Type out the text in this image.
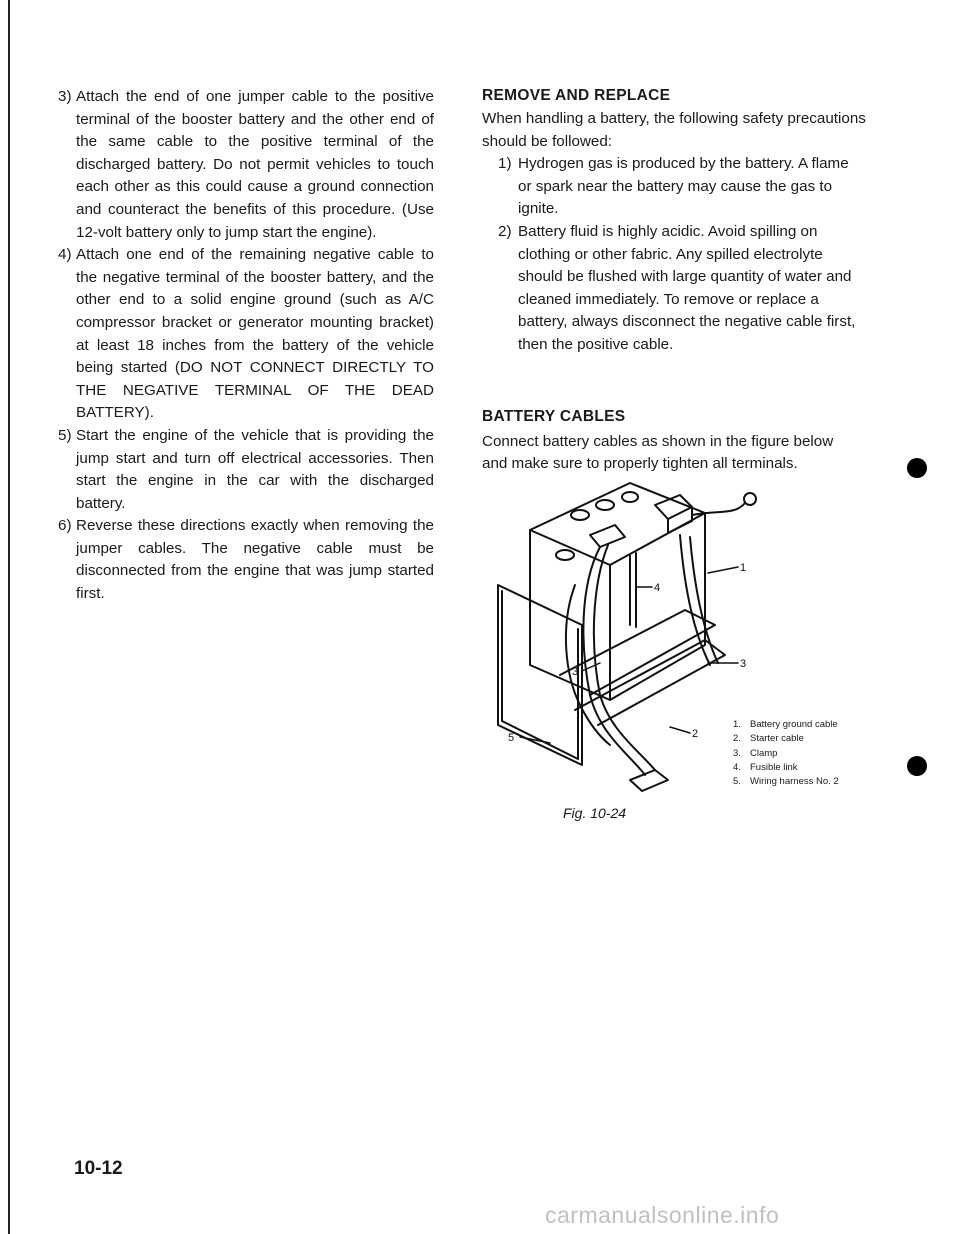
3) Attach the end of one jumper cable to the positive terminal of the booster battery and the other end of the same cable to the positive terminal of the discharged battery. Do not permit vehicles to touch each other as this could cause a ground connection and counteract the benefits of this procedure. (Use 12-volt battery only to jump start the engine).
4) Attach one end of the remaining negative cable to the negative terminal of the booster battery, and the other end to a solid engine ground (such as A/C compressor bracket or generator mounting bracket) at least 18 inches from the battery of the vehicle being started (DO NOT CONNECT DIRECTLY TO THE NEGATIVE TERMINAL OF THE DEAD BATTERY).
5) Start the engine of the vehicle that is providing the jump start and turn off electrical accessories. Then start the engine in the car with the discharged battery.
6) Reverse these directions exactly when removing the jumper cables. The negative cable must be disconnected from the engine that was jump started first.
REMOVE AND REPLACE

When handling a battery, the following safety precautions should be followed:

1) Hydrogen gas is produced by the battery. A flame or spark near the battery may cause the gas to ignite.
2) Battery fluid is highly acidic. Avoid spilling on clothing or other fabric. Any spilled electrolyte should be flushed with large quantity of water and cleaned immediately. To remove or replace a battery, always disconnect the negative cable first, then the positive cable.
BATTERY CABLES

Connect battery cables as shown in the figure below and make sure to properly tighten all terminals.

1
4
3
3
2
5
1. Battery ground cable
2. Starter cable
3. Clamp
4. Fusible link
5. Wiring harness No. 2
Fig. 10-24
10-12
carmanualsonline.info
